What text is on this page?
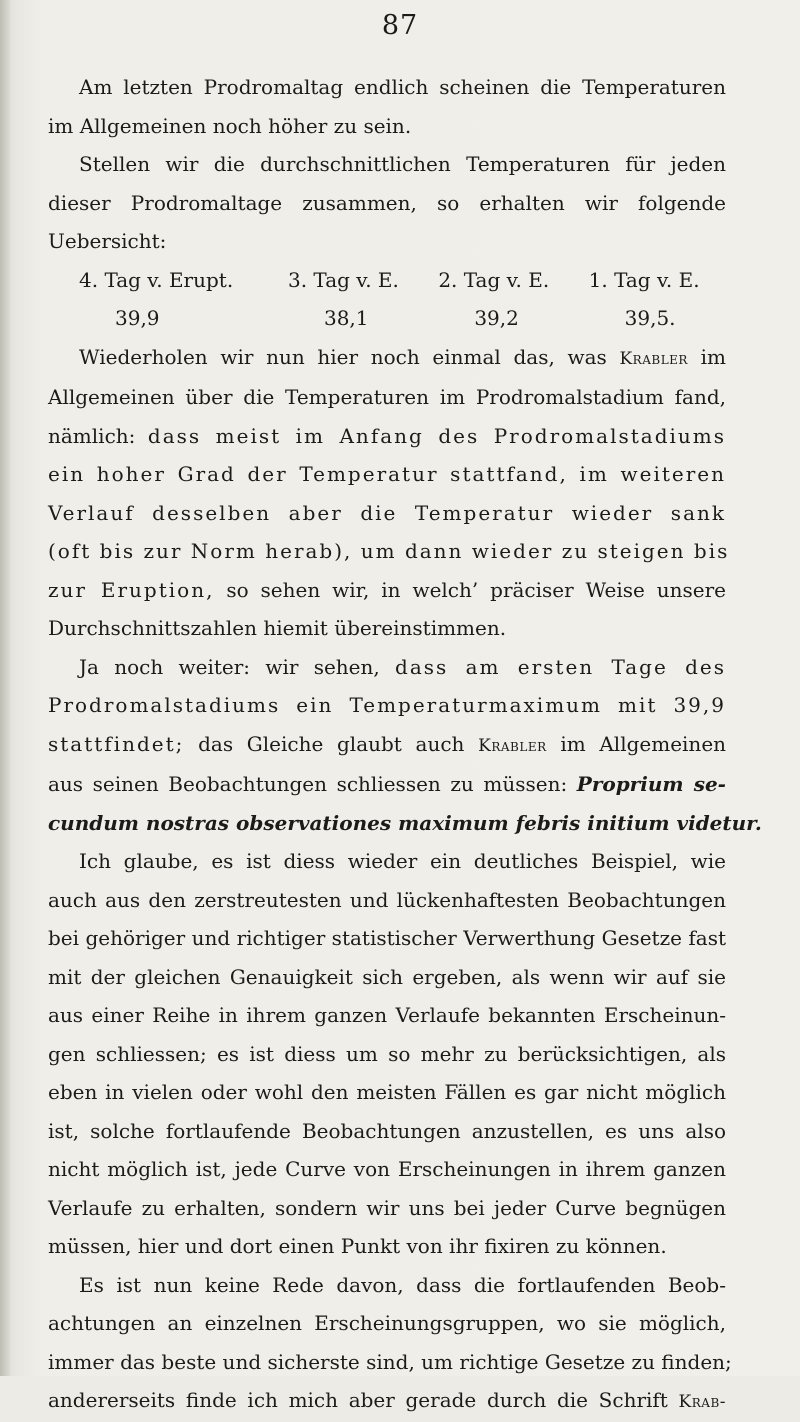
87
Am letzten Prodromaltag endlich scheinen die Temperaturen
im Allgemeinen noch höher zu sein.
Stellen wir die durchschnittlichen Temperaturen für jeden
dieser Prodromaltage zusammen, so erhalten wir folgende
Uebersicht:
4. Tag v. Erupt.	3. Tag v. E.	2. Tag v. E.	1. Tag v. E.
39,9	38,1	39,2	39,5.
Wiederholen wir nun hier noch einmal das, was Krabler im
Allgemeinen über die Temperaturen im Prodromalstadium fand,
nämlich: dass meist im Anfang des Prodromalstadiums
ein hoher Grad der Temperatur stattfand, im weiteren
Verlauf desselben aber die Temperatur wieder sank
(oft bis zur Norm herab), um dann wieder zu steigen bis
zur Eruption, so sehen wir, in welch’ präciser Weise unsere
Durchschnittszahlen hiemit übereinstimmen.
Ja noch weiter: wir sehen, dass am ersten Tage des
Prodromalstadiums ein Temperaturmaximum mit 39,9
stattfindet; das Gleiche glaubt auch Krabler im Allgemeinen
aus seinen Beobachtungen schliessen zu müssen: Proprium se-
cundum nostras observationes maximum febris initium videtur.
Ich glaube, es ist diess wieder ein deutliches Beispiel, wie
auch aus den zerstreutesten und lückenhaftesten Beobachtungen
bei gehöriger und richtiger statistischer Verwerthung Gesetze fast
mit der gleichen Genauigkeit sich ergeben, als wenn wir auf sie
aus einer Reihe in ihrem ganzen Verlaufe bekannten Erscheinun-
gen schliessen; es ist diess um so mehr zu berücksichtigen, als
eben in vielen oder wohl den meisten Fällen es gar nicht möglich
ist, solche fortlaufende Beobachtungen anzustellen, es uns also
nicht möglich ist, jede Curve von Erscheinungen in ihrem ganzen
Verlaufe zu erhalten, sondern wir uns bei jeder Curve begnügen
müssen, hier und dort einen Punkt von ihr fixiren zu können.
Es ist nun keine Rede davon, dass die fortlaufenden Beob-
achtungen an einzelnen Erscheinungsgruppen, wo sie möglich,
immer das beste und sicherste sind, um richtige Gesetze zu finden;
andererseits finde ich mich aber gerade durch die Schrift Krab-
